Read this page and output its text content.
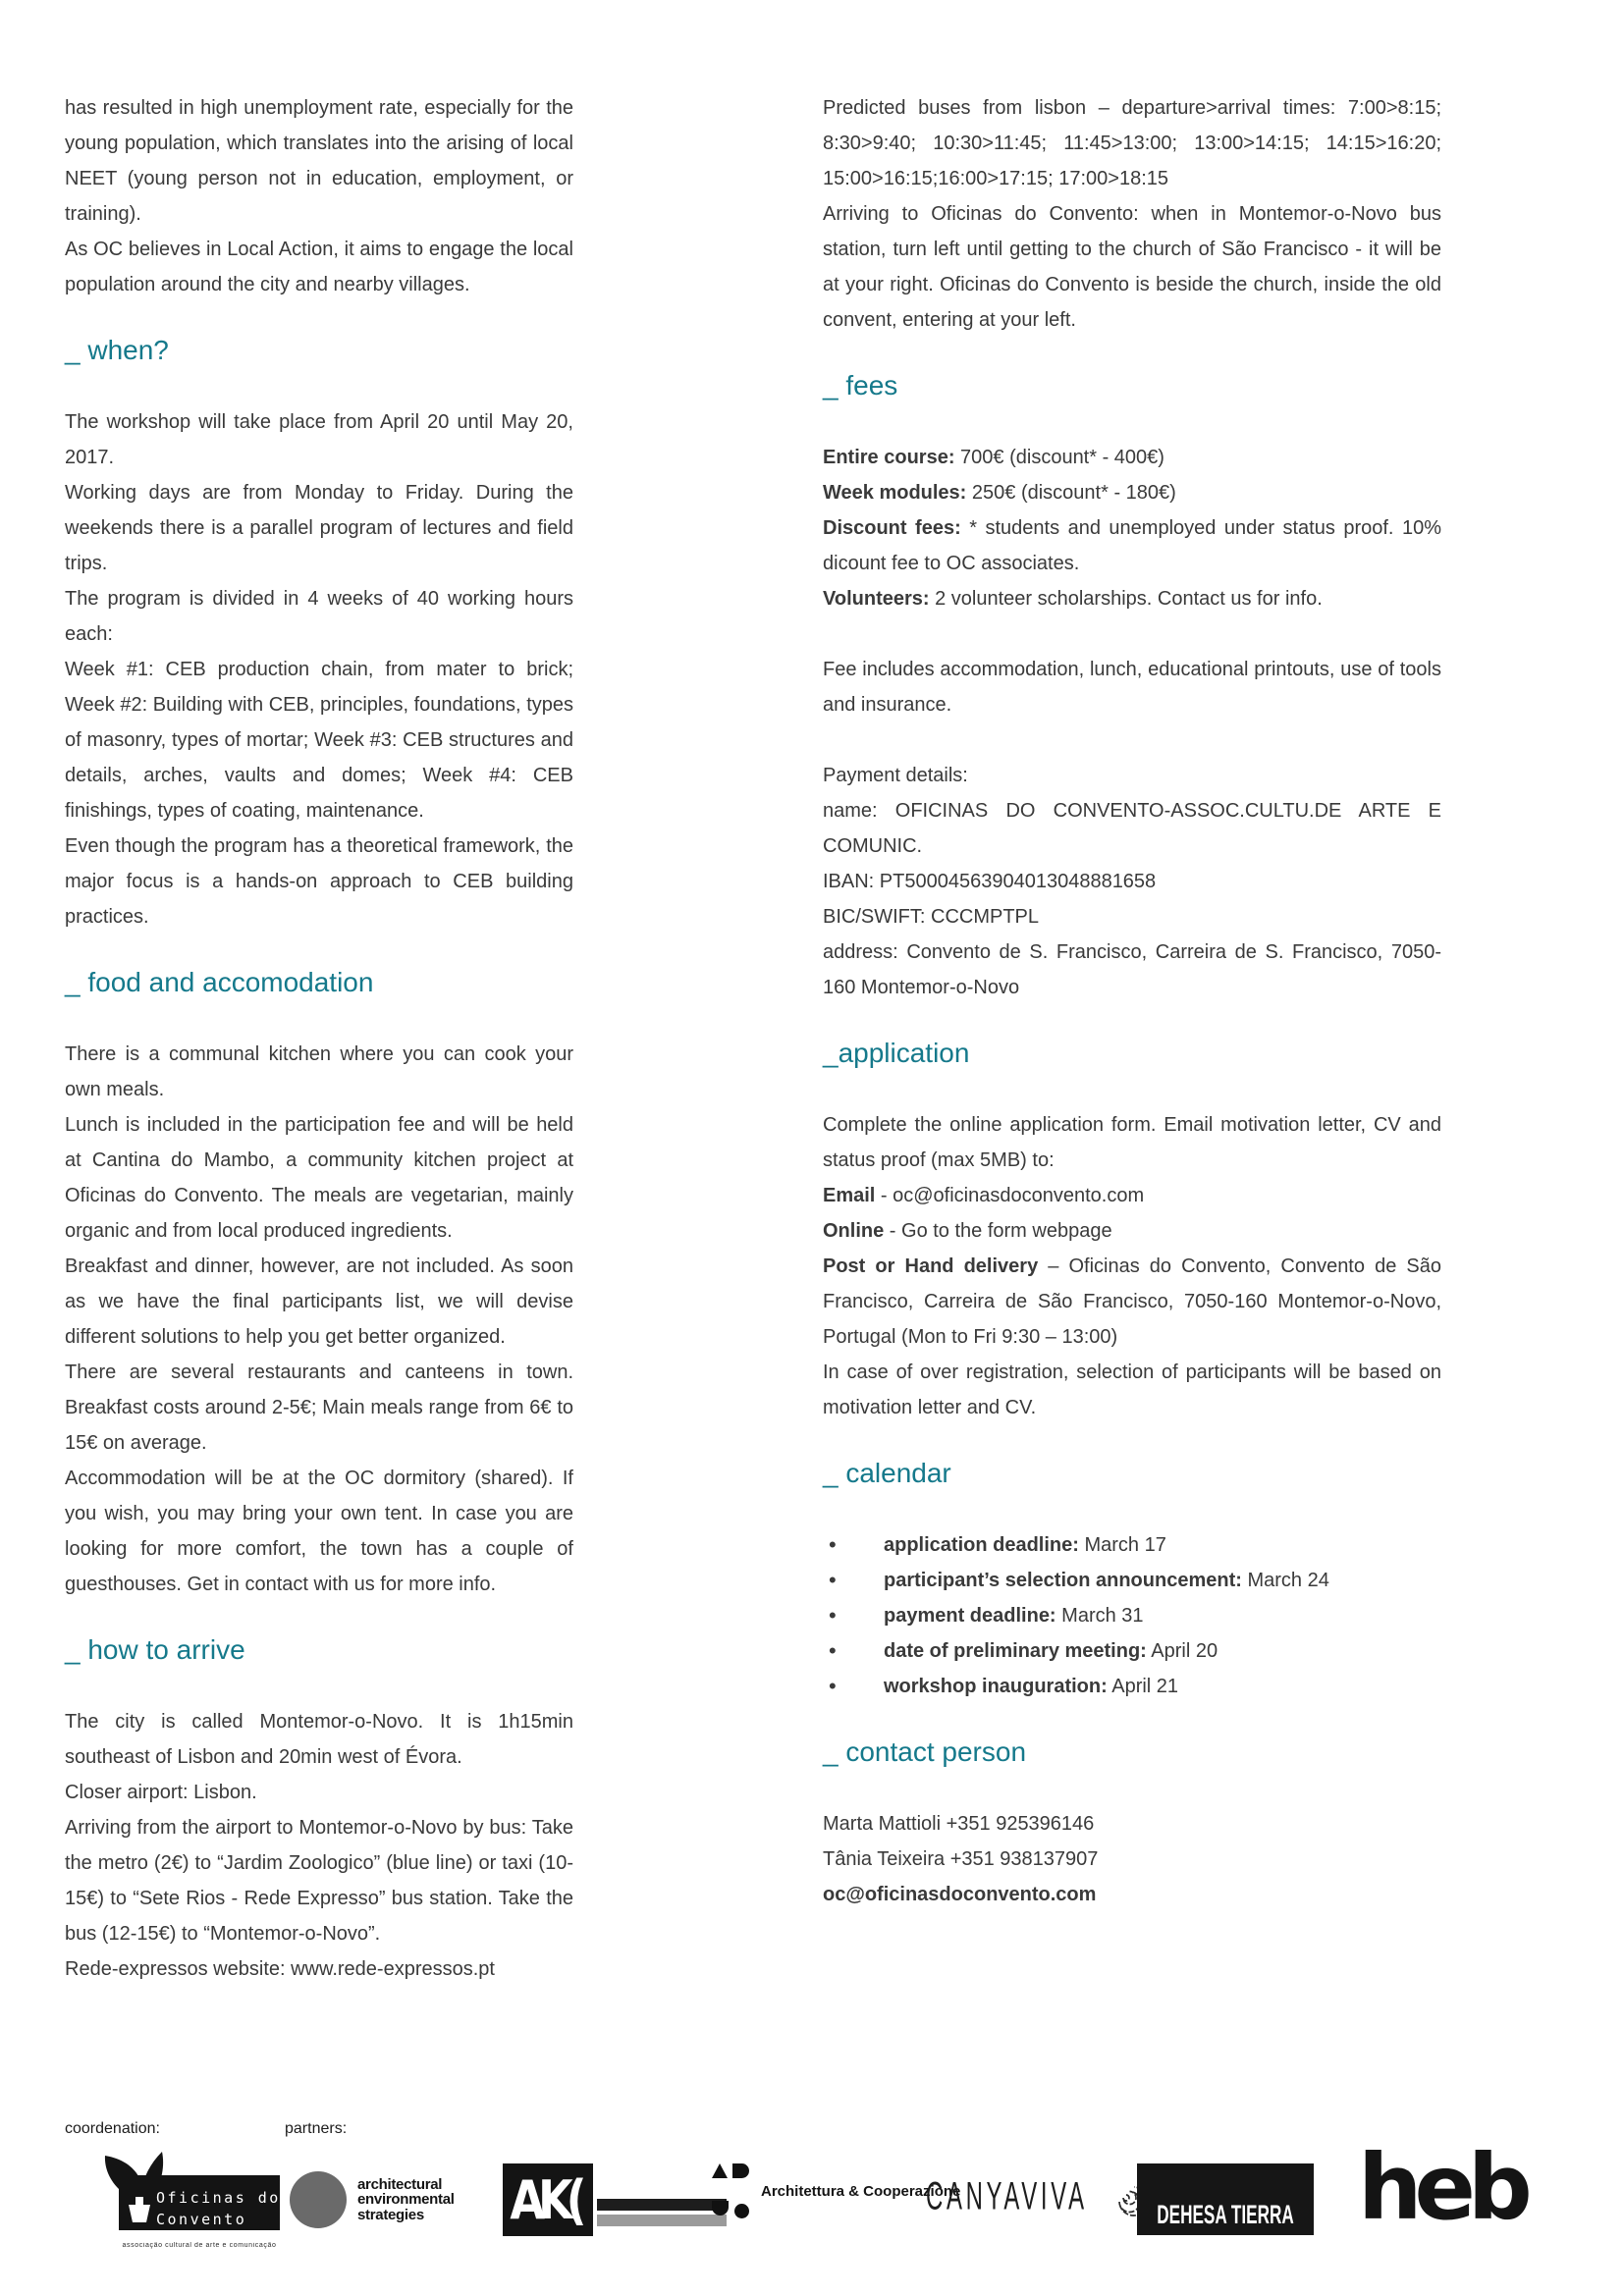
has resulted in high unemployment rate, especially for the young population, which translates into the arising of local NEET (young person not in education, employment, or training).

As OC believes in Local Action, it aims to engage the local population around the city and nearby villages.

_ when?

The workshop will take place from April 20 until May 20, 2017.

Working days are from Monday to Friday. During the weekends there is a parallel program of lectures and field trips.

The program is divided in 4 weeks of 40 working hours each:

Week #1: CEB production chain, from mater to brick; Week #2: Building with CEB, principles, foundations, types of masonry, types of mortar; Week #3: CEB structures and details, arches, vaults and domes; Week #4: CEB finishings, types of coating, maintenance.

Even though the program has a theoretical framework, the major focus is a hands-on approach to CEB building practices.

_ food and accomodation

There is a communal kitchen where you can cook your own meals.

Lunch is included in the participation fee and will be held at Cantina do Mambo, a community kitchen project at Oficinas do Convento. The meals are vegetarian, mainly organic and from local produced ingredients.

Breakfast and dinner, however, are not included. As soon as we have the final participants list, we will devise different solutions to help you get better organized.

There are several restaurants and canteens in town. Breakfast costs around 2-5€; Main meals range from 6€ to 15€ on average.

Accommodation will be at the OC dormitory (shared). If you wish, you may bring your own tent. In case you are looking for more comfort, the town has a couple of guesthouses. Get in contact with us for more info.

_ how to arrive

The city is called Montemor-o-Novo. It is 1h15min southeast of Lisbon and 20min west of Évora.

Closer airport: Lisbon.

Arriving from the airport to Montemor-o-Novo by bus: Take the metro (2€) to “Jardim Zoologico” (blue line) or taxi (10-15€) to “Sete Rios - Rede Expresso” bus station. Take the bus (12-15€) to “Montemor-o-Novo”.

Rede-expressos website: www.rede-expressos.pt

Predicted buses from lisbon – departure>arrival times: 7:00>8:15; 8:30>9:40; 10:30>11:45; 11:45>13:00; 13:00>14:15; 14:15>16:20; 15:00>16:15;16:00>17:15; 17:00>18:15

Arriving to Oficinas do Convento: when in Montemor-o-Novo bus station, turn left until getting to the church of São Francisco - it will be at your right. Oficinas do Convento is beside the church, inside the old convent, entering at your left.

_ fees

Entire course: 700€ (discount* - 400€)

Week modules: 250€ (discount* - 180€)

Discount fees: * students and unemployed under status proof. 10% dicount fee to OC associates.

Volunteers: 2 volunteer scholarships. Contact us for info.

Fee includes accommodation, lunch, educational printouts, use of tools and insurance.

Payment details:

name: OFICINAS DO CONVENTO-ASSOC.CULTU.DE ARTE E COMUNIC.

IBAN: PT50004563904013048881658

BIC/SWIFT: CCCMPTPL

address: Convento de S. Francisco, Carreira de S. Francisco, 7050-160 Montemor-o-Novo

_application

Complete the online application form. Email motivation letter, CV and status proof (max 5MB) to:

Email - oc@oficinasdoconvento.com

Online - Go to the form webpage

Post or Hand delivery – Oficinas do Convento, Convento de São Francisco, Carreira de São Francisco, 7050-160 Montemor-o-Novo, Portugal (Mon to Fri 9:30 – 13:00)

In case of over registration, selection of participants will be based on motivation letter and CV.

_ calendar
• application deadline: March 17
• participant’s selection announcement: March 24
• payment deadline: March 31
• date of preliminary meeting: April 20
• workshop inauguration: April 21
_ contact person

Marta Mattioli +351 925396146

Tânia Teixeira +351 938137907

oc@oficinasdoconvento.com

coordenation:	partners:
Oficinas do
Convento
associação cultural de arte e comunicação
architectural
environmental
strategies	AK(	Architettura & Cooperazione
CANYAVIVA	DEHESA TIERRA heb
